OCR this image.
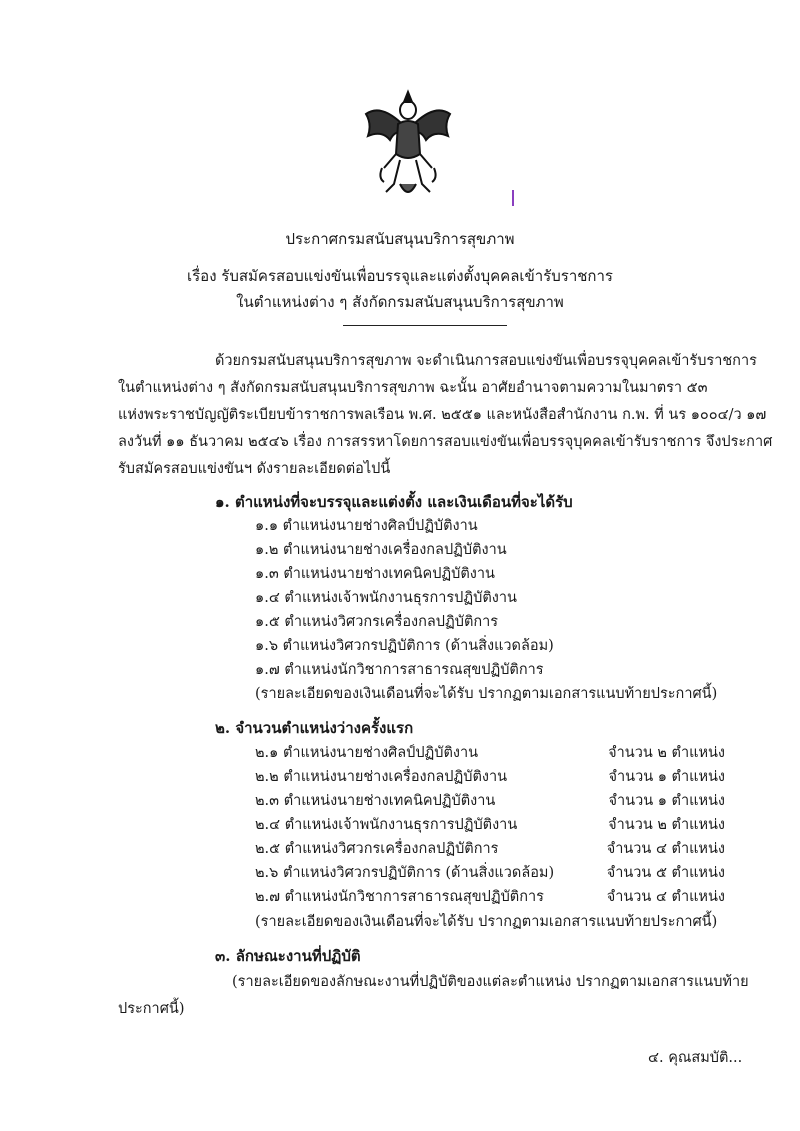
ประกาศกรมสนับสนุนบริการสุขภาพ
เรื่อง รับสมัครสอบแข่งขันเพื่อบรรจุและแต่งตั้งบุคคลเข้ารับราชการ
ในตำแหน่งต่าง ๆ สังกัดกรมสนับสนุนบริการสุขภาพ
ด้วยกรมสนับสนุนบริการสุขภาพ จะดำเนินการสอบแข่งขันเพื่อบรรจุบุคคลเข้ารับราชการ
ในตำแหน่งต่าง ๆ สังกัดกรมสนับสนุนบริการสุขภาพ ฉะนั้น อาศัยอำนาจตามความในมาตรา ๕๓
แห่งพระราชบัญญัติระเบียบข้าราชการพลเรือน พ.ศ. ๒๕๕๑ และหนังสือสำนักงาน ก.พ. ที่ นร ๑๐๐๔/ว ๑๗
ลงวันที่ ๑๑ ธันวาคม ๒๕๔๖ เรื่อง การสรรหาโดยการสอบแข่งขันเพื่อบรรจุบุคคลเข้ารับราชการ จึงประกาศ
รับสมัครสอบแข่งขันฯ ดังรายละเอียดต่อไปนี้
๑. ตำแหน่งที่จะบรรจุและแต่งตั้ง และเงินเดือนที่จะได้รับ
๑.๑ ตำแหน่งนายช่างศิลป์ปฏิบัติงาน
๑.๒ ตำแหน่งนายช่างเครื่องกลปฏิบัติงาน
๑.๓ ตำแหน่งนายช่างเทคนิคปฏิบัติงาน
๑.๔ ตำแหน่งเจ้าพนักงานธุรการปฏิบัติงาน
๑.๕ ตำแหน่งวิศวกรเครื่องกลปฏิบัติการ
๑.๖ ตำแหน่งวิศวกรปฏิบัติการ (ด้านสิ่งแวดล้อม)
๑.๗ ตำแหน่งนักวิชาการสาธารณสุขปฏิบัติการ
(รายละเอียดของเงินเดือนที่จะได้รับ ปรากฏตามเอกสารแนบท้ายประกาศนี้)
๒. จำนวนตำแหน่งว่างครั้งแรก
๒.๑ ตำแหน่งนายช่างศิลป์ปฏิบัติงาน	จำนวน ๒ ตำแหน่ง
๒.๒ ตำแหน่งนายช่างเครื่องกลปฏิบัติงาน	จำนวน ๑ ตำแหน่ง
๒.๓ ตำแหน่งนายช่างเทคนิคปฏิบัติงาน	จำนวน ๑ ตำแหน่ง
๒.๔ ตำแหน่งเจ้าพนักงานธุรการปฏิบัติงาน	จำนวน ๒ ตำแหน่ง
๒.๕ ตำแหน่งวิศวกรเครื่องกลปฏิบัติการ	จำนวน ๔ ตำแหน่ง
๒.๖ ตำแหน่งวิศวกรปฏิบัติการ (ด้านสิ่งแวดล้อม)	จำนวน ๕ ตำแหน่ง
๒.๗ ตำแหน่งนักวิชาการสาธารณสุขปฏิบัติการ	จำนวน ๔ ตำแหน่ง
(รายละเอียดของเงินเดือนที่จะได้รับ ปรากฏตามเอกสารแนบท้ายประกาศนี้)
๓. ลักษณะงานที่ปฏิบัติ
(รายละเอียดของลักษณะงานที่ปฏิบัติของแต่ละตำแหน่ง ปรากฏตามเอกสารแนบท้าย
ประกาศนี้)
๔. คุณสมบัติ...
